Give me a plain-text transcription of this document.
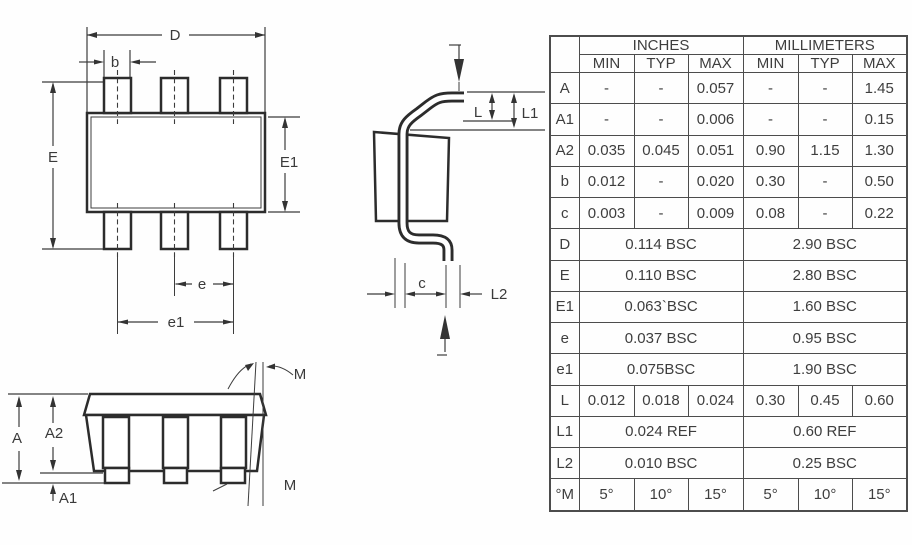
D
b
E	E1
e
e1
L	L1
c
L2
A A2
A1
M
M
	INCHES			MILLIMETERS		
	MIN	TYP	MAX	MIN	TYP	MAX
A	-	-	0.057	-	-	1.45
A1	-	-	0.006	-	-	0.15
A2	0.035	0.045	0.051	0.90	1.15	1.30
b	0.012	-	0.020	0.30	-	0.50
c	0.003	-	0.009	0.08	-	0.22
D	0.114 BSC			2.90 BSC		
E	0.110 BSC			2.80 BSC		
E1	0.063`BSC			1.60 BSC		
e	0.037 BSC			0.95 BSC		
e1	0.075BSC			1.90 BSC		
L	0.012	0.018	0.024	0.30	0.45	0.60
L1	0.024 REF			0.60 REF		
L2	0.010 BSC			0.25 BSC		
°M	5°	10°	15°	5°	10°	15°
